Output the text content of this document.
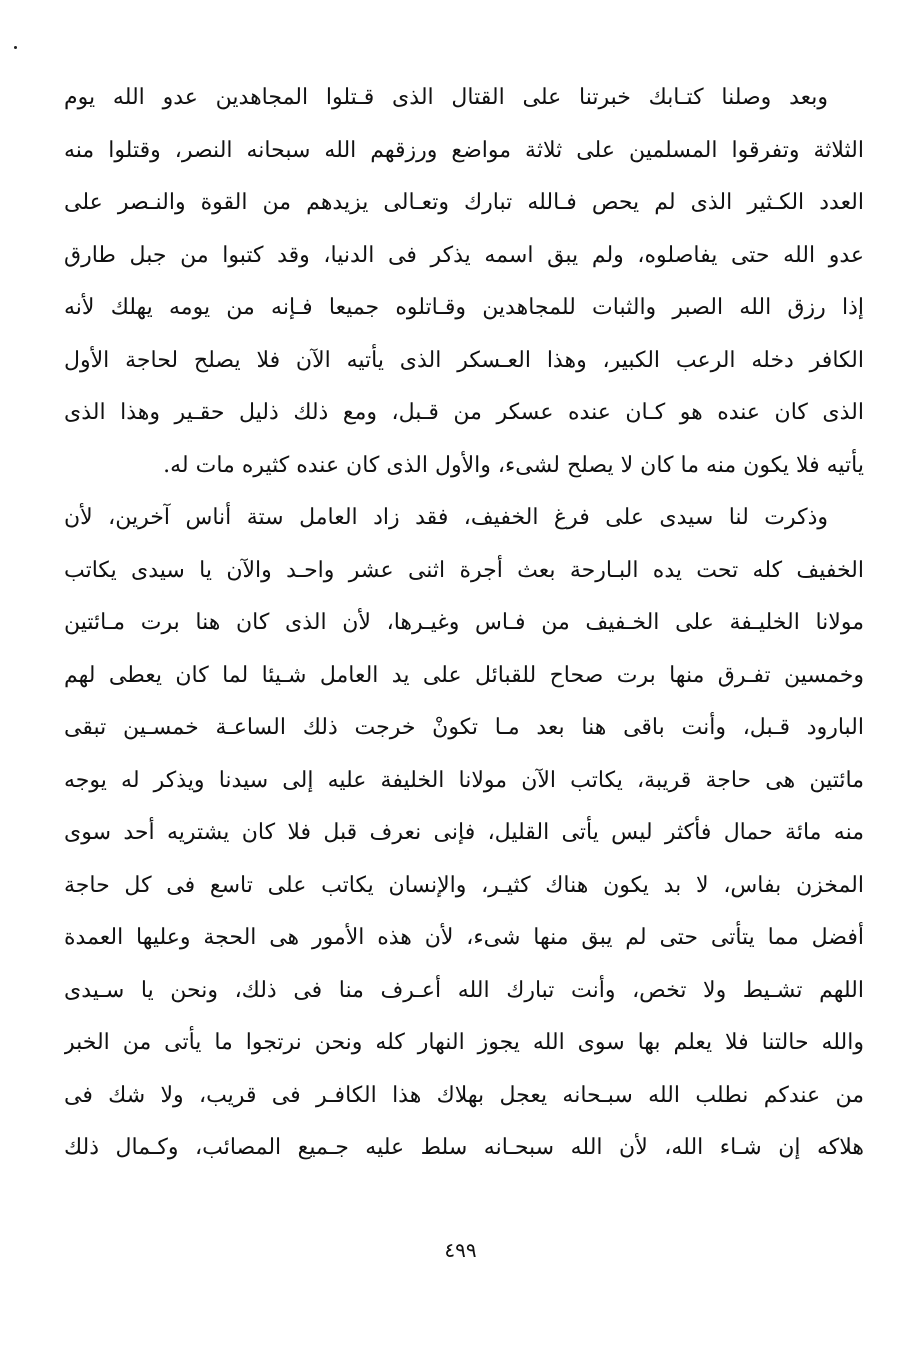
وبعد وصلنا كتـابك خبرتنا على القتال الذى قـتلوا المجاهدين عدو الله يوم
الثلاثة وتفرقوا المسلمين على ثلاثة مواضع ورزقهم الله سبحانه النصر، وقتلوا منه
العدد الكـثير الذى لم يحص فـالله تبارك وتعـالى يزيدهم من القوة والنـصر على
عدو الله حتى يفاصلوه، ولم يبق اسمه يذكر فى الدنيا، وقد كتبوا من جبل طارق
إذا رزق الله الصبر والثبات للمجاهدين وقـاتلوه جميعا فـإنه من يومه يهلك لأنه
الكافر دخله الرعب الكبير، وهذا العـسكر الذى يأتيه الآن فلا يصلح لحاجة الأول
الذى كان عنده هو كـان عنده عسكر من قـبل، ومع ذلك ذليل حقـير وهذا الذى
يأتيه فلا يكون منه ما كان لا يصلح لشىء، والأول الذى كان عنده كثيره مات له.
وذكرت لنا سيدى على فرغ الخفيف، فقد زاد العامل ستة أناس آخرين، لأن
الخفيف كله تحت يده البـارحة بعث أجرة اثنى عشر واحـد والآن يا سيدى يكاتب
مولانا الخليـفة على الخـفيف من فـاس وغيـرها، لأن الذى كان هنا برت مـائتين
وخمسين تفـرق منها برت صحاح للقبائل على يد العامل شـيئا لما كان يعطى لهم
البارود قـبل، وأنت باقى هنا بعد مـا تكونْ خرجت ذلك الساعـة خمسـين تبقى
مائتين هى حاجة قريبة، يكاتب الآن مولانا الخليفة عليه إلى سيدنا ويذكر له يوجه
منه مائة حمال فأكثر ليس يأتى القليل، فإنى نعرف قبل فلا كان يشتريه أحد سوى
المخزن بفاس، لا بد يكون هناك كثيـر، والإنسان يكاتب على تاسع فى كل حاجة
أفضل مما يتأتى حتى لم يبق منها شىء، لأن هذه الأمور هى الحجة وعليها العمدة
اللهم تشـيط ولا تخص، وأنت تبارك الله أعـرف منا فى ذلك، ونحن يا سـيدى
والله حالتنا فلا يعلم بها سوى الله يجوز النهار كله ونحن نرتجوا ما يأتى من الخبر
من عندكم نطلب الله سبـحانه يعجل بهلاك هذا الكافـر فى قريب، ولا شك فى
هلاكه إن شـاء الله، لأن الله سبحـانه سلط عليه جـميع المصائب، وكـمال ذلك
٤٩٩
